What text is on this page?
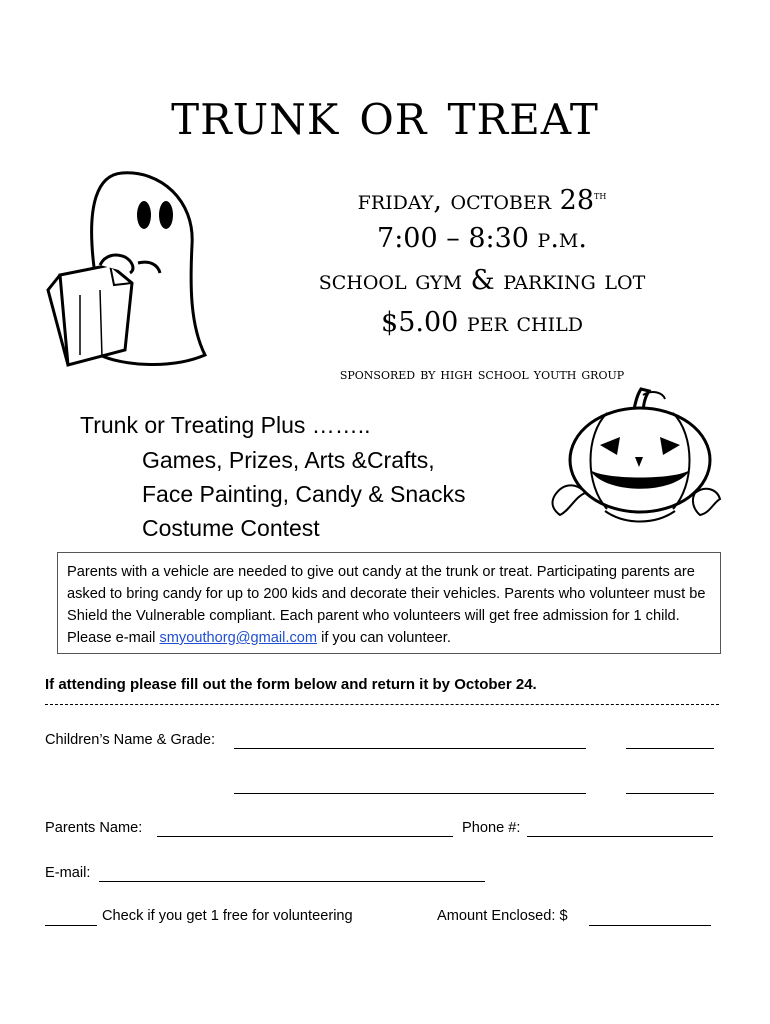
trunk or treat
friday, october 28th
7:00 – 8:30 p.m.
school gym & parking lot
$5.00 per child
sponsored by high school youth group
Trunk or Treating Plus ……..
Games, Prizes, Arts &Crafts,
Face Painting, Candy & Snacks
Costume Contest
Parents with a vehicle are needed to give out candy at the trunk or treat. Participating parents are asked to bring candy for up to 200 kids and decorate their vehicles. Parents who volunteer must be Shield the Vulnerable compliant. Each parent who volunteers will get free admission for 1 child. Please e-mail smyouthorg@gmail.com if you can volunteer.
If attending please fill out the form below and return it by October 24.
Children’s Name & Grade:
Parents Name:	Phone #:
E-mail:
Check if you get 1 free for volunteering	Amount Enclosed: $
